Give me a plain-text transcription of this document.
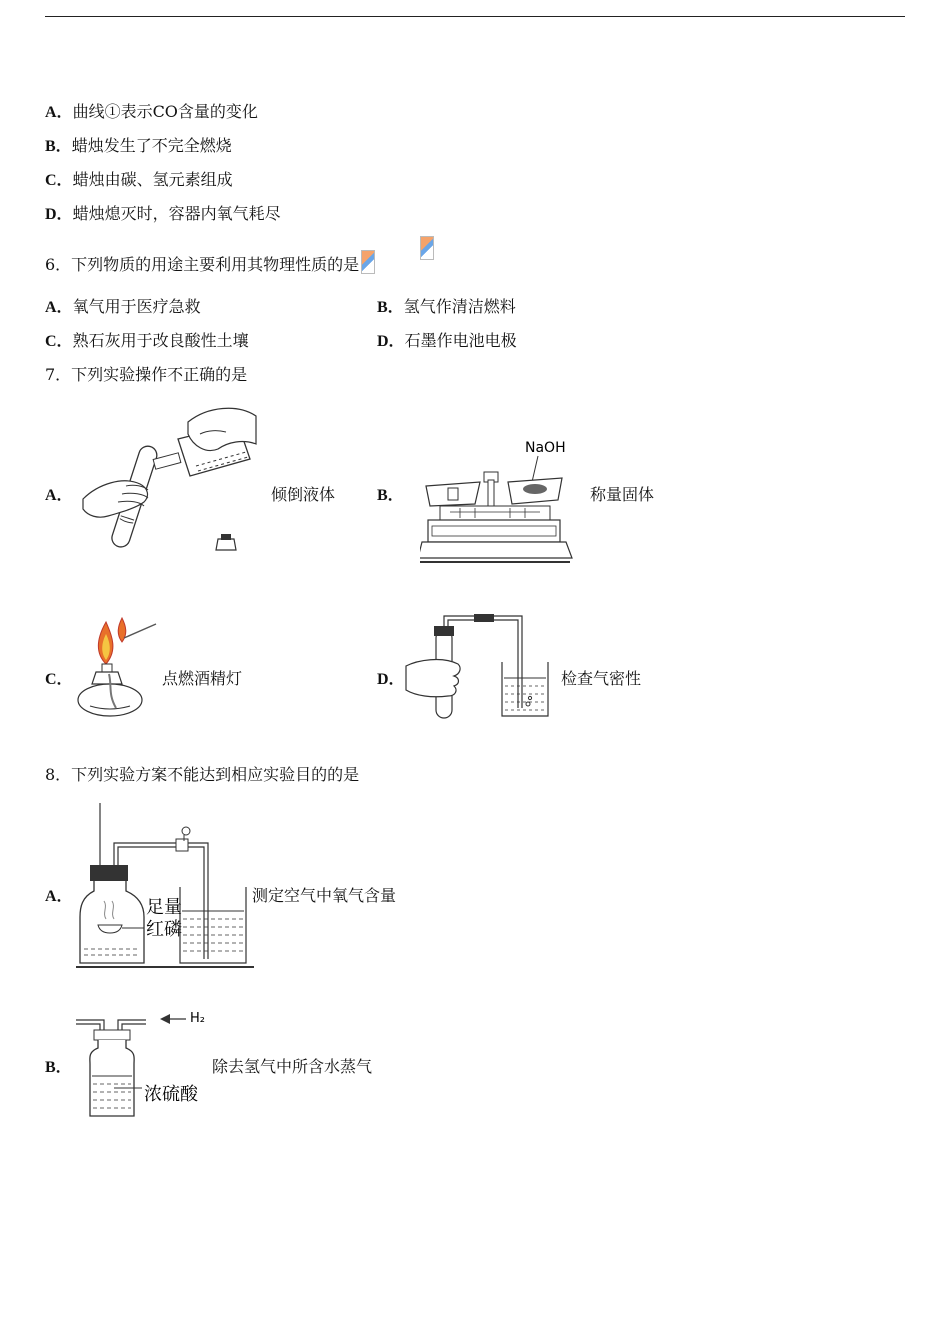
A．曲线①表示CO含量的变化
B．蜡烛发生了不完全燃烧
C．蜡烛由碳、氢元素组成
D．蜡烛熄灭时，容器内氧气耗尽
6．下列物质的用途主要利用其物理性质的是
A．氧气用于医疗急救	B．氢气作清洁燃料
C．熟石灰用于改良酸性土壤	D．石墨作电池电极
7．下列实验操作不正确的是
A．	倾倒液体	B．
NaOH
称量固体
C．	点燃酒精灯	D．	检查气密性
8．下列实验方案不能达到相应实验目的的是
A．
足量
红磷
测定空气中氧气含量
B．
H₂
浓硫酸
除去氢气中所含水蒸气
